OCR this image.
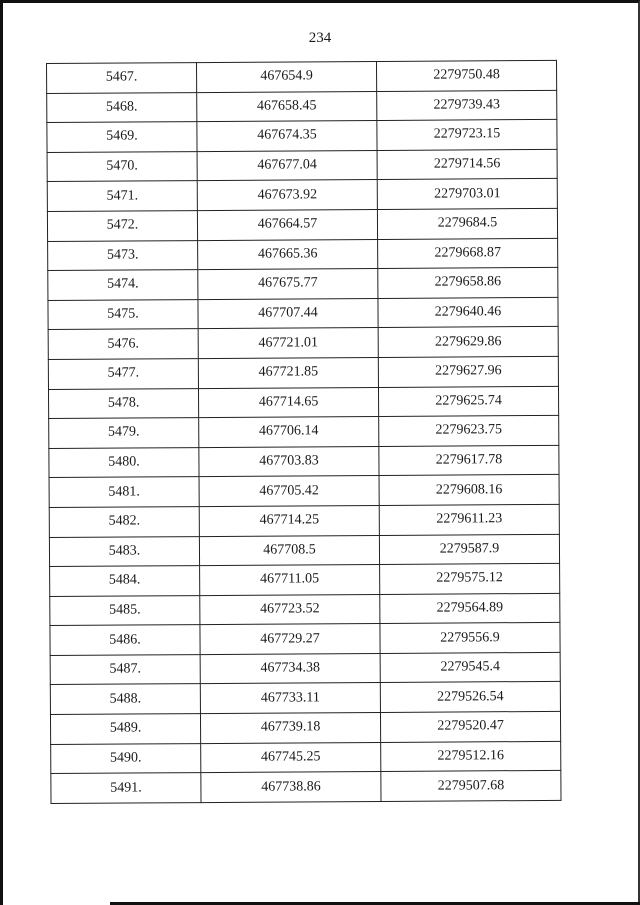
234
5467.	467654.9	2279750.48
5468.	467658.45	2279739.43
5469.	467674.35	2279723.15
5470.	467677.04	2279714.56
5471.	467673.92	2279703.01
5472.	467664.57	2279684.5
5473.	467665.36	2279668.87
5474.	467675.77	2279658.86
5475.	467707.44	2279640.46
5476.	467721.01	2279629.86
5477.	467721.85	2279627.96
5478.	467714.65	2279625.74
5479.	467706.14	2279623.75
5480.	467703.83	2279617.78
5481.	467705.42	2279608.16
5482.	467714.25	2279611.23
5483.	467708.5	2279587.9
5484.	467711.05	2279575.12
5485.	467723.52	2279564.89
5486.	467729.27	2279556.9
5487.	467734.38	2279545.4
5488.	467733.11	2279526.54
5489.	467739.18	2279520.47
5490.	467745.25	2279512.16
5491.	467738.86	2279507.68
